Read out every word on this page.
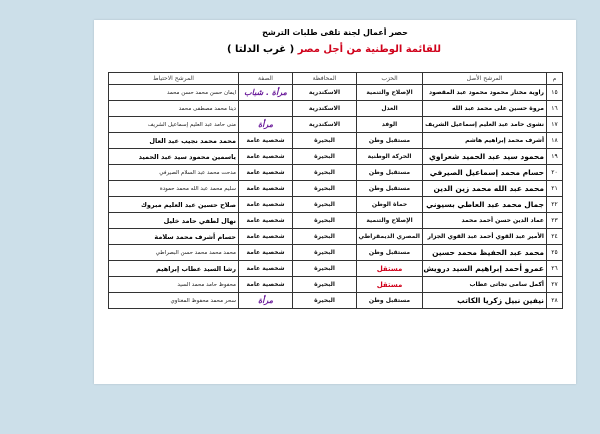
حصر أعمال لجنة تلقى طلبات الترشح
للقائمة الوطنية من أجل مصر ( غرب الدلتا )
م	المرشح الأصل	الحزب	المحافظة	الصفة	المرشح الاحتياط
١٥	راوية مختار محمود محمود عبد المقصود	الإصلاح والتنمية	الاسكندرية	مرأة . شباب	ايمان حسن محمد حسن محمد
١٦	مروة حسين على محمد عبد الله	العدل	الاسكندرية		دينا محمد مصطفى محمد
١٧	نشوى حامد عبد العليم إسماعيل الشريف	الوفد	الاسكندرية	مرأة	منى حامد عبد العليم إسماعيل الشريف
١٨	أشرف محمد إبراهيم هاشم	مستقبل وطن	البحيرة	شخصية عامة	محمد محمد نجيب عبد العال
١٩	محمود سيد عبد الحميد شعراوي	الحركة الوطنية	البحيرة	شخصية عامة	ياسمين محمود سيد عبد الحميد
٢٠	حسام محمد إسماعيل الصيرفي	مستقبل وطن	البحيرة	شخصية عامة	مدحت محمد عبد السلام الصيرفي
٢١	محمد عبد الله محمد زين الدين	مستقبل وطن	البحيرة	شخصية عامة	سليم محمد عبد الله محمد حمودة
٢٢	جمال محمد عبد العاطي بسيوني	حماة الوطن	البحيرة	شخصية عامة	صلاح حسين عبد العليم مبروك
٢٣	عماد الدين حسن أحمد محمد	الإصلاح والتنمية	البحيرة	شخصية عامة	نهال لطفي حامد خليل
٢٤	الأمير عبد القوي أحمد عبد القوي الجزار	المصري الديمقراطي	البحيرة	شخصية عامة	حسام أشرف محمد سلامة
٢٥	محمد عبد الحفيظ محمد حسين	مستقبل وطن	البحيرة	شخصية عامة	محمد محمد محمد حسن البصراطي
٢٦	عمرو أحمد إبراهيم السيد درويش	مستقل	البحيرة	شخصية عامة	رشا السيد عطاب إبراهيم
٢٧	أكمل سامى نجاتى عطاب	مستقل	البحيرة	شخصية عامة	محفوظ حامد محمد السيد
٢٨	نيفين نبيل زكريا الكاتب	مستقبل وطن	البحيرة	مرأة	سحر محمد محفوظ المغناوي
